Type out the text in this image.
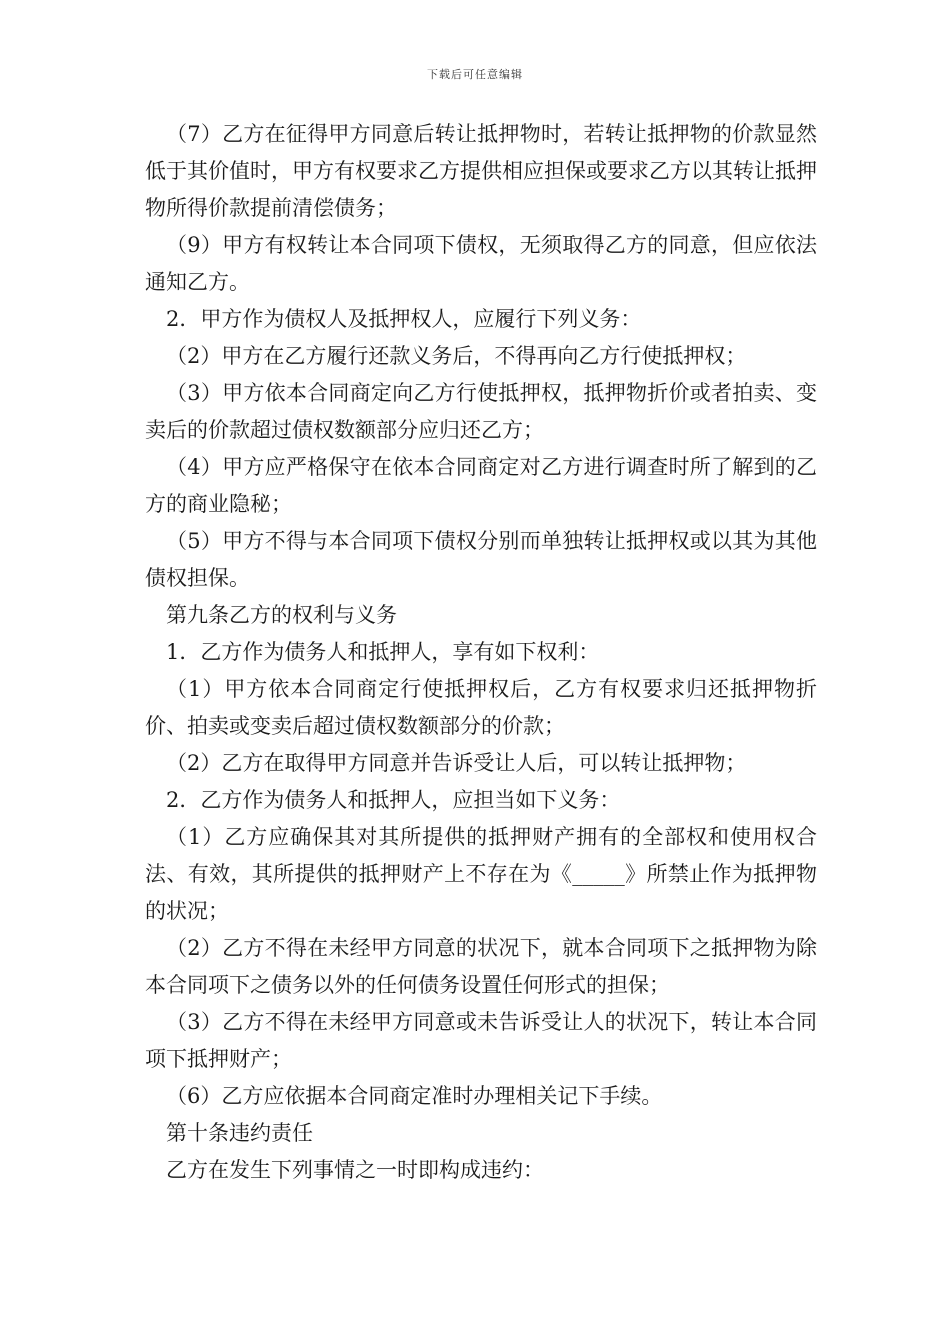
下载后可任意编辑

（7）乙方在征得甲方同意后转让抵押物时，若转让抵押物的价款显然低于其价值时，甲方有权要求乙方提供相应担保或要求乙方以其转让抵押物所得价款提前清偿债务；

（9）甲方有权转让本合同项下债权，无须取得乙方的同意，但应依法通知乙方。

2．甲方作为债权人及抵押权人，应履行下列义务：

（2）甲方在乙方履行还款义务后，不得再向乙方行使抵押权；

（3）甲方依本合同商定向乙方行使抵押权，抵押物折价或者拍卖、变卖后的价款超过债权数额部分应归还乙方；

（4）甲方应严格保守在依本合同商定对乙方进行调查时所了解到的乙方的商业隐秘；

（5）甲方不得与本合同项下债权分别而单独转让抵押权或以其为其他债权担保。

第九条乙方的权利与义务

1．乙方作为债务人和抵押人，享有如下权利：

（1）甲方依本合同商定行使抵押权后，乙方有权要求归还抵押物折价、拍卖或变卖后超过债权数额部分的价款；

（2）乙方在取得甲方同意并告诉受让人后，可以转让抵押物；

2．乙方作为债务人和抵押人，应担当如下义务：

（1）乙方应确保其对其所提供的抵押财产拥有的全部权和使用权合法、有效，其所提供的抵押财产上不存在为《_____》所禁止作为抵押物的状况；

（2）乙方不得在未经甲方同意的状况下，就本合同项下之抵押物为除本合同项下之债务以外的任何债务设置任何形式的担保；

（3）乙方不得在未经甲方同意或未告诉受让人的状况下，转让本合同项下抵押财产；

（6）乙方应依据本合同商定准时办理相关记下手续。

第十条违约责任

乙方在发生下列事情之一时即构成违约：
